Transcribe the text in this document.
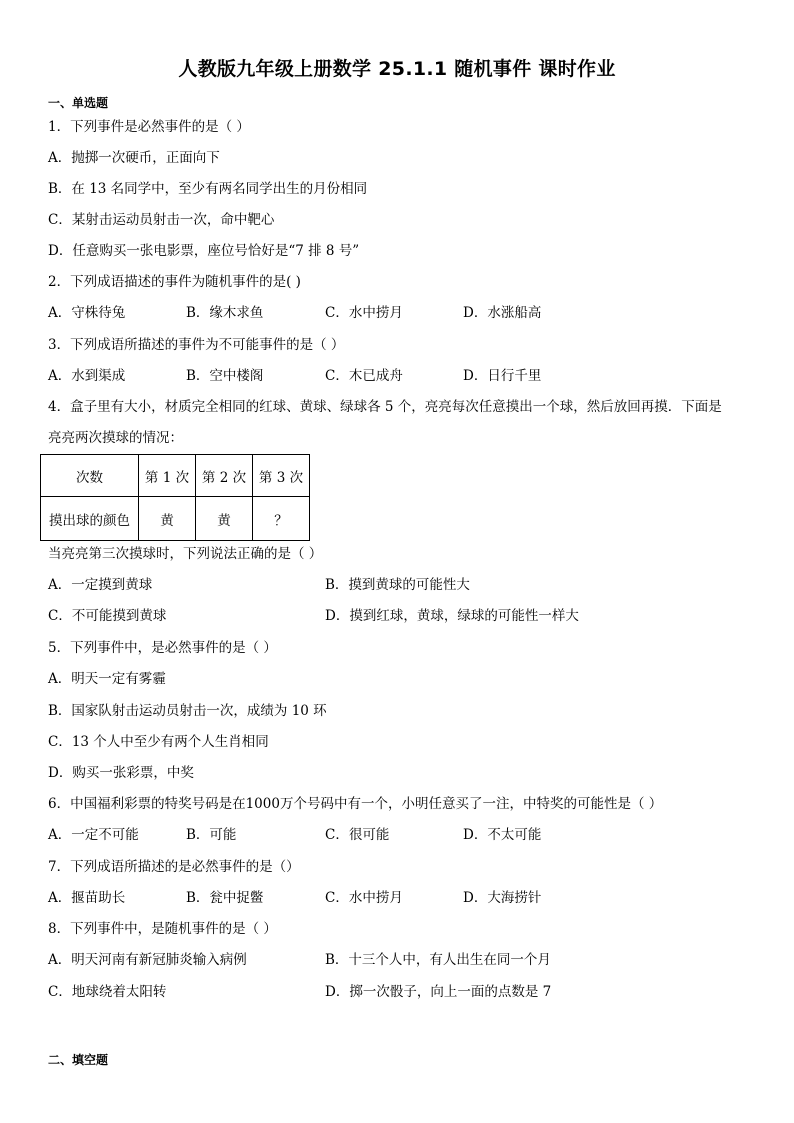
人教版九年级上册数学 25.1.1 随机事件 课时作业
一、单选题
1．下列事件是必然事件的是（ ）
A．抛掷一次硬币，正面向下
B．在 13 名同学中，至少有两名同学出生的月份相同
C．某射击运动员射击一次，命中靶心
D．任意购买一张电影票，座位号恰好是“7 排 8 号”
2．下列成语描述的事件为随机事件的是( )
A．守株待兔	B．缘木求鱼	C．水中捞月	D．水涨船高
3．下列成语所描述的事件为不可能事件的是（ ）
A．水到渠成	B．空中楼阁	C．木已成舟	D．日行千里
4．盒子里有大小，材质完全相同的红球、黄球、绿球各 5 个，亮亮每次任意摸出一个球，然后放回再摸．下面是
亮亮两次摸球的情况：
次数	第 1 次	第 2 次	第 3 次
摸出球的颜色	黄	黄	？
当亮亮第三次摸球时，下列说法正确的是（ ）
A．一定摸到黄球	B．摸到黄球的可能性大
C．不可能摸到黄球	D．摸到红球，黄球，绿球的可能性一样大
5．下列事件中，是必然事件的是（ ）
A．明天一定有雾霾
B．国家队射击运动员射击一次，成绩为 10 环
C．13 个人中至少有两个人生肖相同
D．购买一张彩票，中奖
6．中国福利彩票的特奖号码是在1000万个号码中有一个，小明任意买了一注，中特奖的可能性是（ ）
A．一定不可能	B．可能	C．很可能	D．不太可能
7．下列成语所描述的是必然事件的是（）
A．揠苗助长	B．瓮中捉鳖	C．水中捞月	D．大海捞针
8．下列事件中，是随机事件的是（ ）
A．明天河南有新冠肺炎输入病例	B．十三个人中，有人出生在同一个月
C．地球绕着太阳转	D．掷一次骰子，向上一面的点数是 7
二、填空题
